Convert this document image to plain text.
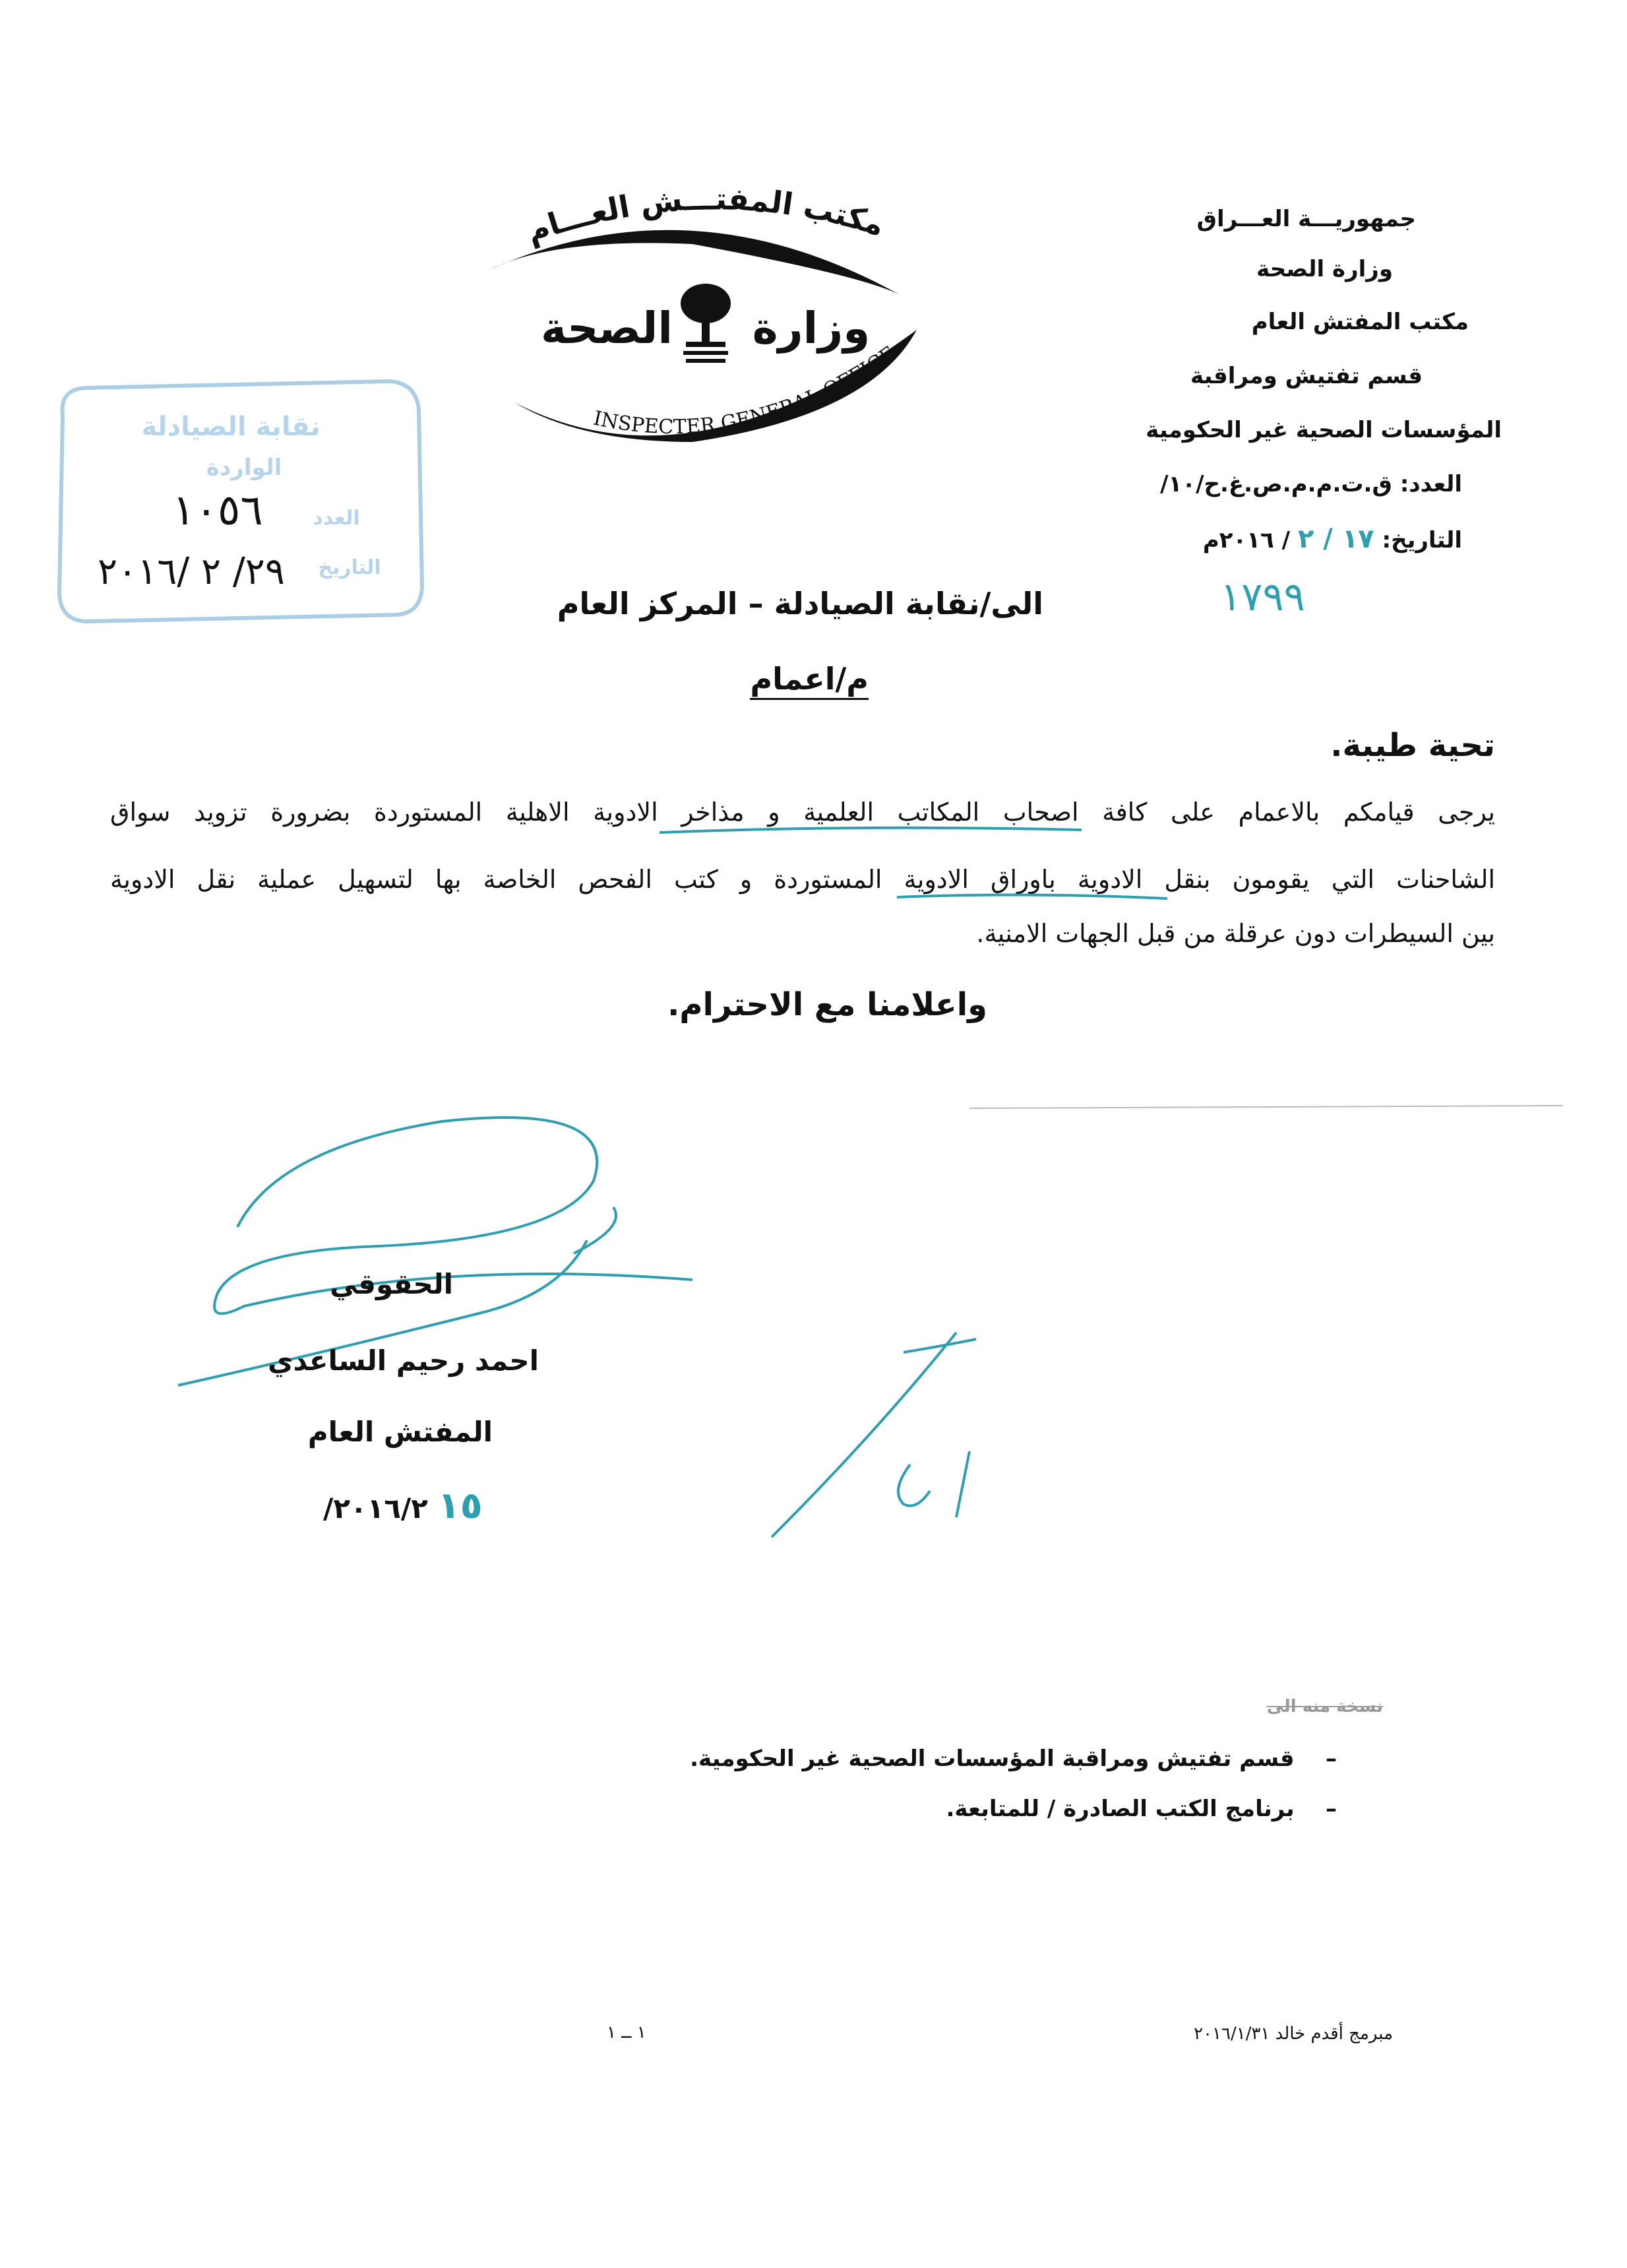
جمهوريـــة العـــراق
وزارة الصحة
مكتب المفتش العام
قسم تفتيش ومراقبة
المؤسسات الصحية غير الحكومية
العدد: ق.ت.م.م.ص.غ.ح/١٠/
التاريخ: ١٧ / ٢ / ٢٠١٦م
١٧٩٩
مكتب المفتـــش العـــام
الصحة وزارة
INSPECTER GENERAL OFFICE
نقابة الصيادلة
الواردة
العدد
التاريخ
١٠٥٦
٢٩/ ٢ /٢٠١٦
الى/نقابة الصيادلة – المركز العام
م/اعمام
تحية طيبة.
يرجى قيامكم بالاعمام على كافة اصحاب المكاتب العلمية و مذاخر الادوية الاهلية المستوردة بضرورة تزويد سواق
الشاحنات التي يقومون بنقل الادوية باوراق الادوية المستوردة و كتب الفحص الخاصة بها لتسهيل عملية نقل الادوية
بين السيطرات دون عرقلة من قبل الجهات الامنية.
واعلامنا مع الاحترام.
الحقوقي
احمد رحيم الساعدي
المفتش العام
١٥ ٢٠١٦/٢/
نسخة منه الى
–    قسم تفتيش ومراقبة المؤسسات الصحية غير الحكومية.
–    برنامج الكتب الصادرة / للمتابعة.
مبرمج أقدم خالد ٢٠١٦/١/٣١
١ ــ ١
